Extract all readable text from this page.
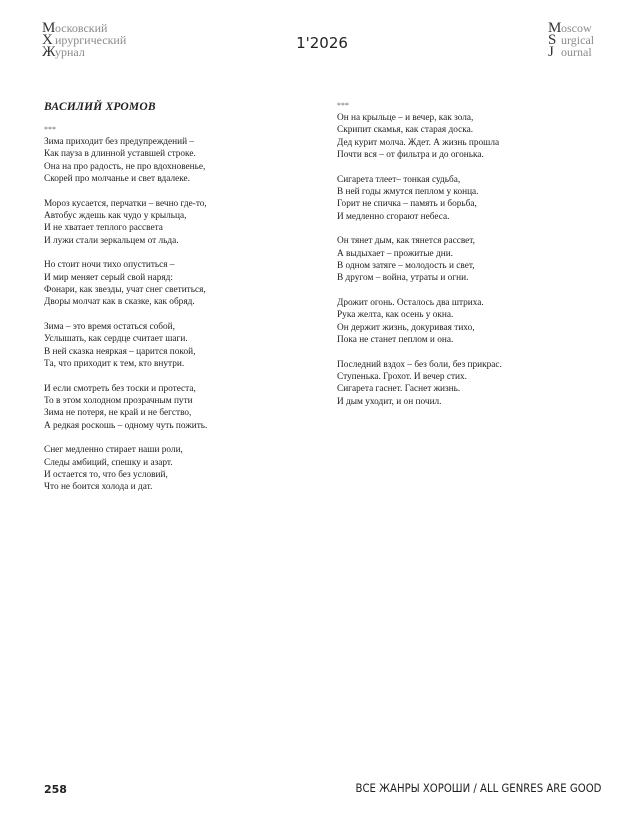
Московский
Х ирургический
Журнал	1'2026
Moscow
S urgical
J ournal
ВАСИЛИЙ ХРОМОВ
***
Зима приходит без предупреждений –
Как пауза в длинной уставшей строке.
Она на про радость, не про вдохновенье,
Скорей про молчанье и свет вдалеке.
Мороз кусается, перчатки – вечно где-то,
Автобус ждешь как чудо у крыльца,
И не хватает теплого рассвета
И лужи стали зеркальцем от льда.
Но стоит ночи тихо опуститься –
И мир меняет серый свой наряд:
Фонари, как звезды, учат снег светиться,
Дворы молчат как в сказке, как обряд.
Зима – это время остаться собой,
Услышать, как сердце считает шаги.
В ней сказка неяркая – царится покой,
Та, что приходит к тем, кто внутри.
И если смотреть без тоски и протеста,
То в этом холодном прозрачным пути
Зима не потеря, не край и не бегство,
А редкая роскошь – одному чуть пожить.
Снег медленно стирает наши роли,
Следы амбиций, спешку и азарт.
И остается то, что без условий,
Что не боится холода и дат.
***
Он на крыльце – и вечер, как зола,
Скрипит скамья, как старая доска.
Дед курит молча. Ждет. А жизнь прошла
Почти вся – от фильтра и до огонька.
Сигарета тлеет– тонкая судьба,
В ней годы жмутся пеплом у конца.
Горит не спичка – память и борьба,
И медленно сгорают небеса.
Он тянет дым, как тянется рассвет,
А выдыхает – прожитые дни.
В одном затяге – молодость и свет,
В другом – война, утраты и огни.
Дрожит огонь. Осталось два штриха.
Рука желта, как осень у окна.
Он держит жизнь, докуривая тихо,
Пока не станет пеплом и она.
Последний вздох – без боли, без прикрас.
Ступенька. Грохот. И вечер стих.
Сигарета гаснет. Гаснет жизнь.
И дым уходит, и он почил.
258	ВСЕ ЖАНРЫ ХОРОШИ / ALL GENRES ARE GOOD
